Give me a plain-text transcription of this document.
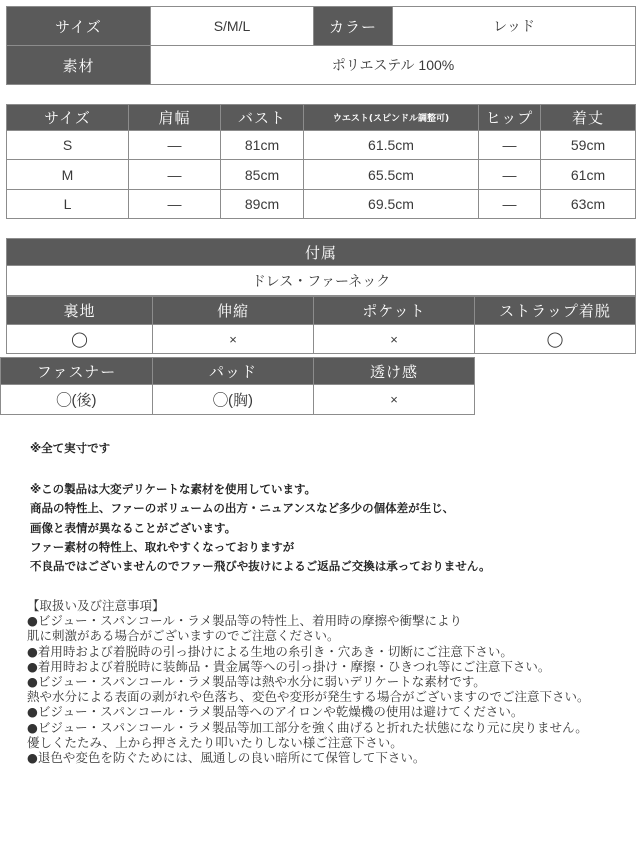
サイズ	S/M/L	カラー	レッド
素材	ポリエステル 100%		
サイズ	肩幅	バスト	ウエスト(スピンドル調整可)	ヒップ	着丈
S	—	81cm	61.5cm	—	59cm
M	—	85cm	65.5cm	—	61cm
L	—	89cm	69.5cm	—	63cm
付属
ドレス・ファーネック
裏地	伸縮	ポケット	ストラップ着脱
◯	×	×	◯
ファスナー	パッド	透け感
◯(後)	◯(胸)	×
※全て実寸です
※この製品は大変デリケートな素材を使用しています。
商品の特性上、ファーのボリュームの出方・ニュアンスなど多少の個体差が生じ、
画像と表情が異なることがございます。
ファー素材の特性上、取れやすくなっておりますが
不良品ではございませんのでファー飛びや抜けによるご返品ご交換は承っておりません。
【取扱い及び注意事項】
●ビジュー・スパンコール・ラメ製品等の特性上、着用時の摩擦や衝撃により
肌に刺激がある場合がございますのでご注意ください。
●着用時および着脱時の引っ掛けによる生地の糸引き・穴あき・切断にご注意下さい。
●着用時および着脱時に装飾品・貴金属等への引っ掛け・摩擦・ひきつれ等にご注意下さい。
●ビジュー・スパンコール・ラメ製品等は熱や水分に弱いデリケートな素材です。
熱や水分による表面の剥がれや色落ち、変色や変形が発生する場合がございますのでご注意下さい。
●ビジュー・スパンコール・ラメ製品等へのアイロンや乾燥機の使用は避けてください。
●ビジュー・スパンコール・ラメ製品等加工部分を強く曲げると折れた状態になり元に戻りません。
優しくたたみ、上から押さえたり叩いたりしない様ご注意下さい。
●退色や変色を防ぐためには、風通しの良い暗所にて保管して下さい。
